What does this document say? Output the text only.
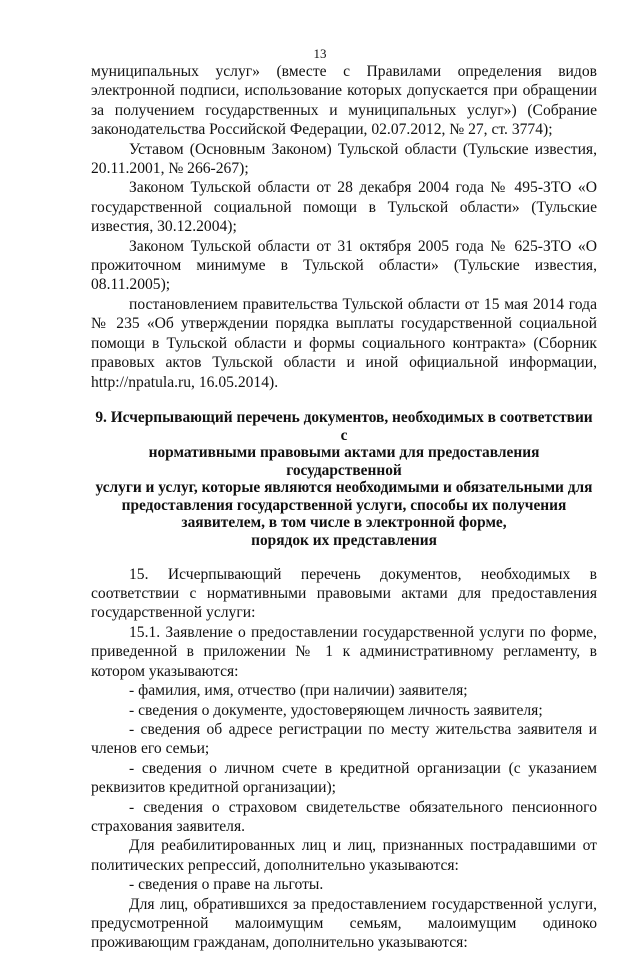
13

муниципальных услуг» (вместе с Правилами определения видов электронной подписи, использование которых допускается при обращении за получением государственных и муниципальных услуг») (Собрание законодательства Российской Федерации, 02.07.2012, № 27, ст. 3774);

Уставом (Основным Законом) Тульской области (Тульские известия, 20.11.2001, № 266-267);

Законом Тульской области от 28 декабря 2004 года № 495-ЗТО «О государственной социальной помощи в Тульской области» (Тульские известия, 30.12.2004);

Законом Тульской области от 31 октября 2005 года № 625-ЗТО «О прожиточном минимуме в Тульской области» (Тульские известия, 08.11.2005);

постановлением правительства Тульской области от 15 мая 2014 года № 235 «Об утверждении порядка выплаты государственной социальной помощи в Тульской области и формы социального контракта» (Сборник правовых актов Тульской области и иной официальной информации, http://npatula.ru, 16.05.2014).

9. Исчерпывающий перечень документов, необходимых в соответствии с
нормативными правовыми актами для предоставления государственной
услуги и услуг, которые являются необходимыми и обязательными для
предоставления государственной услуги, способы их получения
заявителем, в том числе в электронной форме,
порядок их представления

15. Исчерпывающий перечень документов, необходимых в соответствии с нормативными правовыми актами для предоставления государственной услуги:

15.1. Заявление о предоставлении государственной услуги по форме, приведенной в приложении № 1 к административному регламенту, в котором указываются:

- фамилия, имя, отчество (при наличии) заявителя;

- сведения о документе, удостоверяющем личность заявителя;

- сведения об адресе регистрации по месту жительства заявителя и членов его семьи;

- сведения о личном счете в кредитной организации (с указанием реквизитов кредитной организации);

- сведения о страховом свидетельстве обязательного пенсионного страхования заявителя.

Для реабилитированных лиц и лиц, признанных пострадавшими от политических репрессий, дополнительно указываются:

- сведения о праве на льготы.

Для лиц, обратившихся за предоставлением государственной услуги, предусмотренной малоимущим семьям, малоимущим одиноко проживающим гражданам, дополнительно указываются:
